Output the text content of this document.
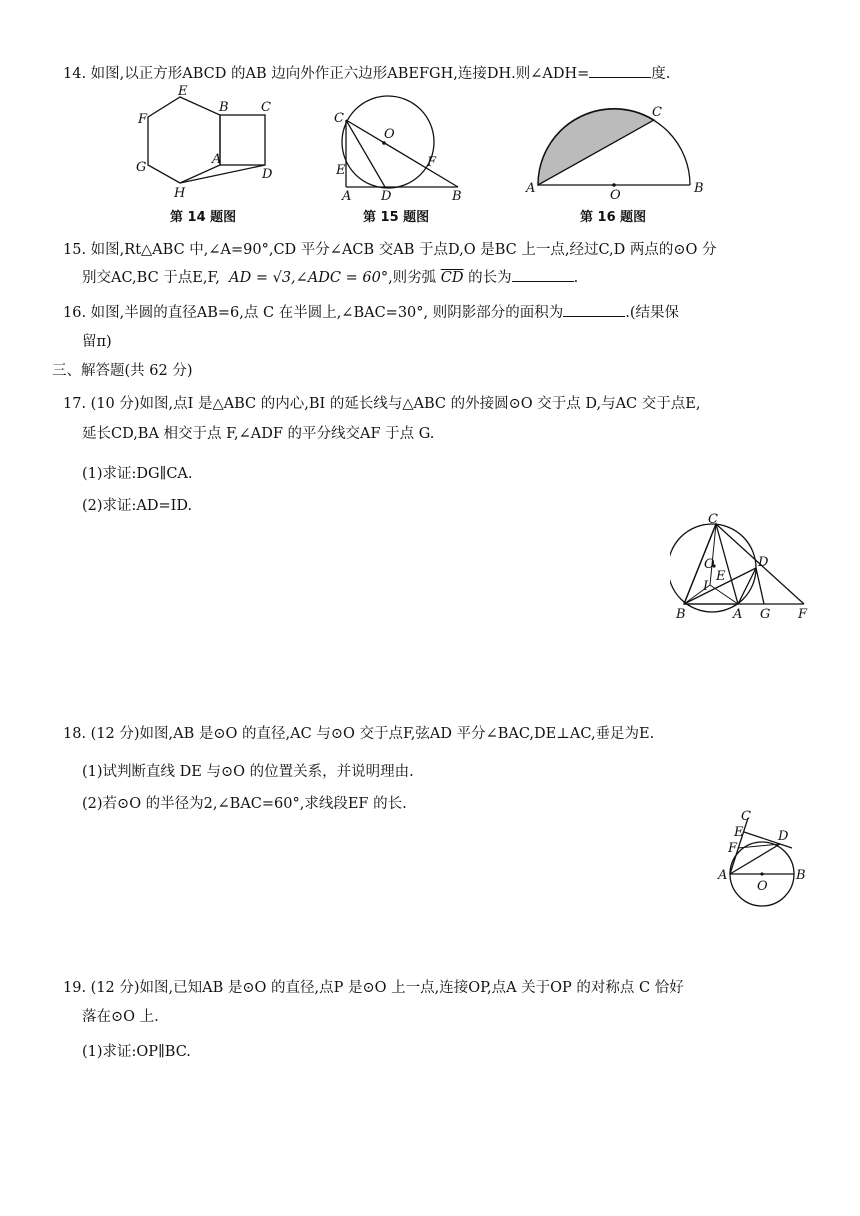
14. 如图,以正方形ABCD 的AB 边向外作正六边形ABEFGH,连接DH.则∠ADH=	度.
E
B C
F
G
A
D
H
第 14 题图
C
O
F
E
A D	B
第 15 题图
C
A	O	B
第 16 题图
15. 如图,Rt△ABC 中,∠A=90°,CD 平分∠ACB 交AB 于点D,O 是BC 上一点,经过C,D 两点的⊙O 分
别交AC,BC 于点E,F, AD = √3,∠ADC = 60°,则劣弧 $\overline{CD}$ 的长为	.
16. 如图,半圆的直径AB=6,点 C 在半圆上,∠BAC=30°, 则阴影部分的面积为	.(结果保
留π)
三、解答题(共 62 分)
17. (10 分)如图,点I 是△ABC 的内心,BI 的延长线与△ABC 的外接圆⊙O 交于点 D,与AC 交于点E,
延长CD,BA 相交于点 F,∠ADF 的平分线交AF 于点 G.
(1)求证:DG∥CA.
(2)求证:AD=ID.
C
O
E
D
I
B	A G F
18. (12 分)如图,AB 是⊙O 的直径,AC 与⊙O 交于点F,弦AD 平分∠BAC,DE⊥AC,垂足为E.
(1)试判断直线 DE 与⊙O 的位置关系，并说明理由.
(2)若⊙O 的半径为2,∠BAC=60°,求线段EF 的长.
C
E	D
F
A
O
B
19. (12 分)如图,已知AB 是⊙O 的直径,点P 是⊙O 上一点,连接OP,点A 关于OP 的对称点 C 恰好
落在⊙O 上.
(1)求证:OP∥BC.
